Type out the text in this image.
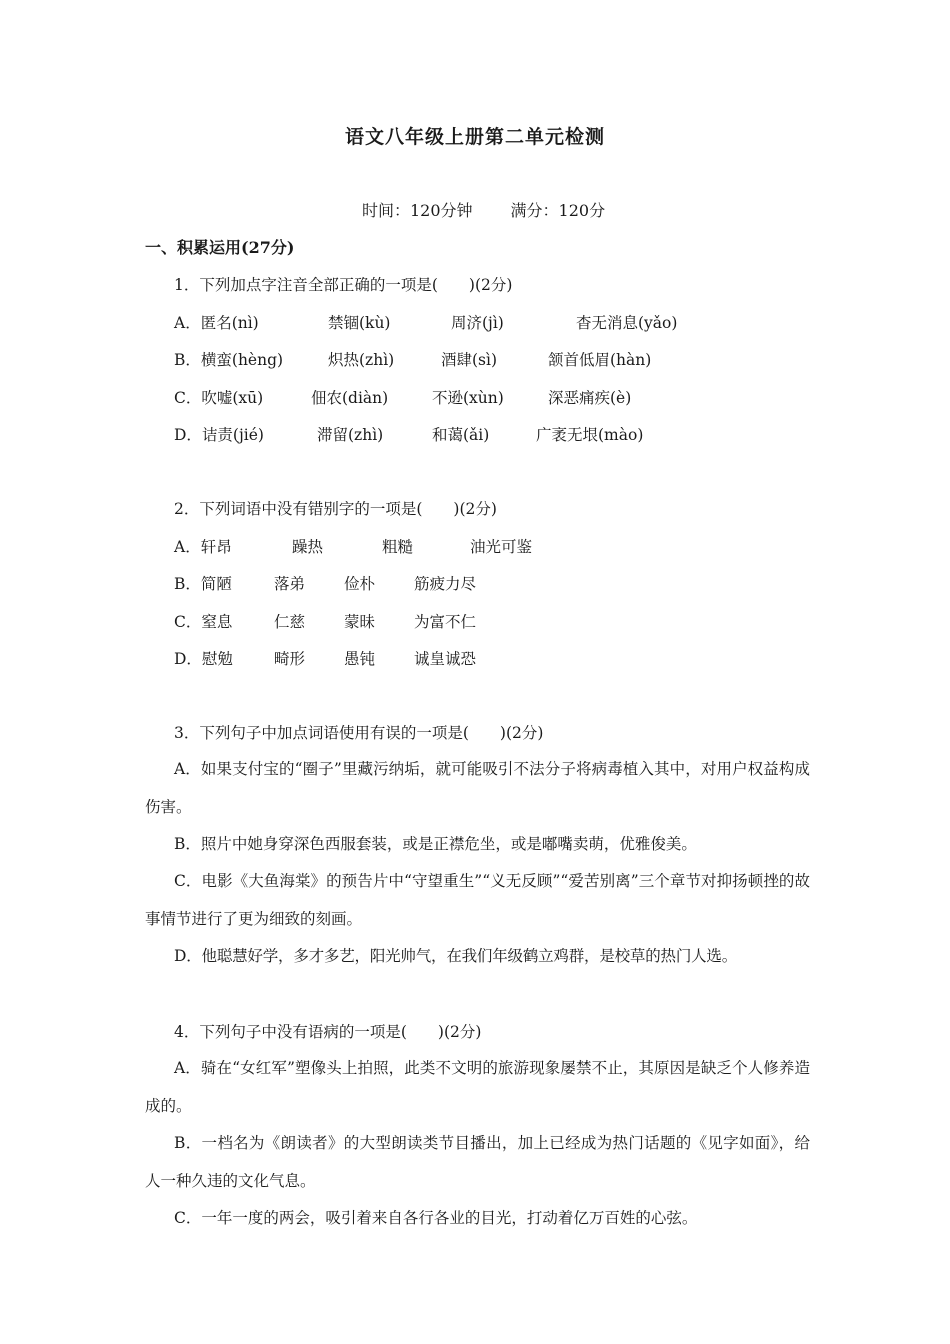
语文八年级上册第二单元检测
时间：120分钟 满分：120分
一、积累运用(27分)
1．下列加点字注音全部正确的一项是(　　)(2分)
A．匿名(nì)	禁锢(kù)	周济(jì)	杳无消息(yǎo)
B．横蛮(hèng)	炽热(zhì)	酒肆(sì)	颔首低眉(hàn)
C．吹嘘(xū)	佃农(diàn)	不逊(xùn)	深恶痛疾(è)
D．诘责(jié)	滞留(zhì)	和蔼(ǎi)	广袤无垠(mào)
2．下列词语中没有错别字的一项是(　　)(2分)
A．轩昂	躁热	粗糙	油光可鉴
B．简陋	落弟	俭朴	筋疲力尽
C．窒息	仁慈	蒙昧	为富不仁
D．慰勉	畸形	愚钝	诚皇诚恐
3．下列句子中加点词语使用有误的一项是(　　)(2分)
A．如果支付宝的“圈子”里藏污纳垢，就可能吸引不法分子将病毒植入其中，对用户权益构成伤害。
B．照片中她身穿深色西服套装，或是正襟危坐，或是嘟嘴卖萌，优雅俊美。
C．电影《大鱼海棠》的预告片中“守望重生”“义无反顾”“爱苦别离”三个章节对抑扬顿挫的故事情节进行了更为细致的刻画。
D．他聪慧好学，多才多艺，阳光帅气，在我们年级鹤立鸡群，是校草的热门人选。
4．下列句子中没有语病的一项是(　　)(2分)
A．骑在“女红军”塑像头上拍照，此类不文明的旅游现象屡禁不止，其原因是缺乏个人修养造成的。
B．一档名为《朗读者》的大型朗读类节目播出，加上已经成为热门话题的《见字如面》，给人一种久违的文化气息。
C．一年一度的两会，吸引着来自各行各业的目光，打动着亿万百姓的心弦。
